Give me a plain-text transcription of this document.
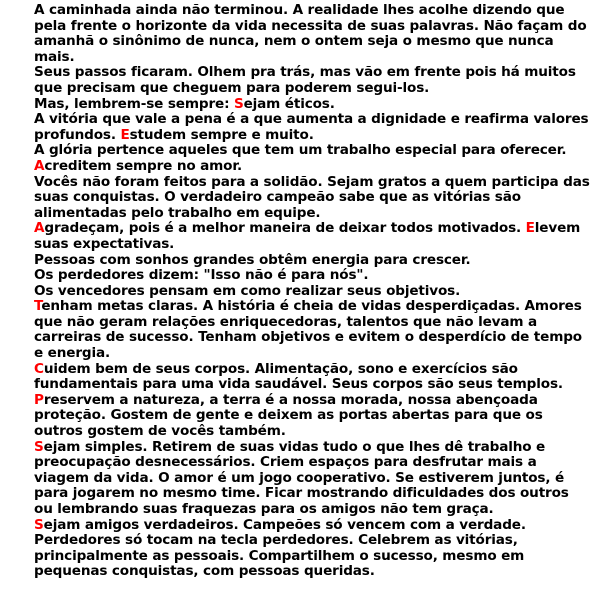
A caminhada ainda não terminou. A realidade lhes acolhe dizendo que pela frente o horizonte da vida necessita de suas palavras. Não façam do amanhã o sinônimo de nunca, nem o ontem seja o mesmo que nunca mais.

Seus passos ficaram. Olhem pra trás, mas vão em frente pois há muitos que precisam que cheguem para poderem segui-los.

Mas, lembrem-se sempre: Sejam éticos.

A vitória que vale a pena é a que aumenta a dignidade e reafirma valores profundos. Estudem sempre e muito.

A glória pertence aqueles que tem um trabalho especial para oferecer. Acreditem sempre no amor.

Vocês não foram feitos para a solidão. Sejam gratos a quem participa das suas conquistas. O verdadeiro campeão sabe que as vitórias são alimentadas pelo trabalho em equipe.

Agradeçam, pois é a melhor maneira de deixar todos motivados. Elevem suas expectativas.

Pessoas com sonhos grandes obtêm energia para crescer.

Os perdedores dizem: "Isso não é para nós".

Os vencedores pensam em como realizar seus objetivos.

Tenham metas claras. A história é cheia de vidas desperdiçadas. Amores que não geram relações enriquecedoras, talentos que não levam a carreiras de sucesso. Tenham objetivos e evitem o desperdício de tempo e energia.

Cuidem bem de seus corpos. Alimentação, sono e exercícios são fundamentais para uma vida saudável. Seus corpos são seus templos.

Preservem a natureza, a terra é a nossa morada, nossa abençoada proteção. Gostem de gente e deixem as portas abertas para que os outros gostem de vocês também.

Sejam simples. Retirem de suas vidas tudo o que lhes dê trabalho e preocupação desnecessários. Criem espaços para desfrutar mais a viagem da vida. O amor é um jogo cooperativo. Se estiverem juntos, é para jogarem no mesmo time. Ficar mostrando dificuldades dos outros ou lembrando suas fraquezas para os amigos não tem graça.

Sejam amigos verdadeiros. Campeões só vencem com a verdade. Perdedores só tocam na tecla perdedores. Celebrem as vitórias, principalmente as pessoais. Compartilhem o sucesso, mesmo em pequenas conquistas, com pessoas queridas.
